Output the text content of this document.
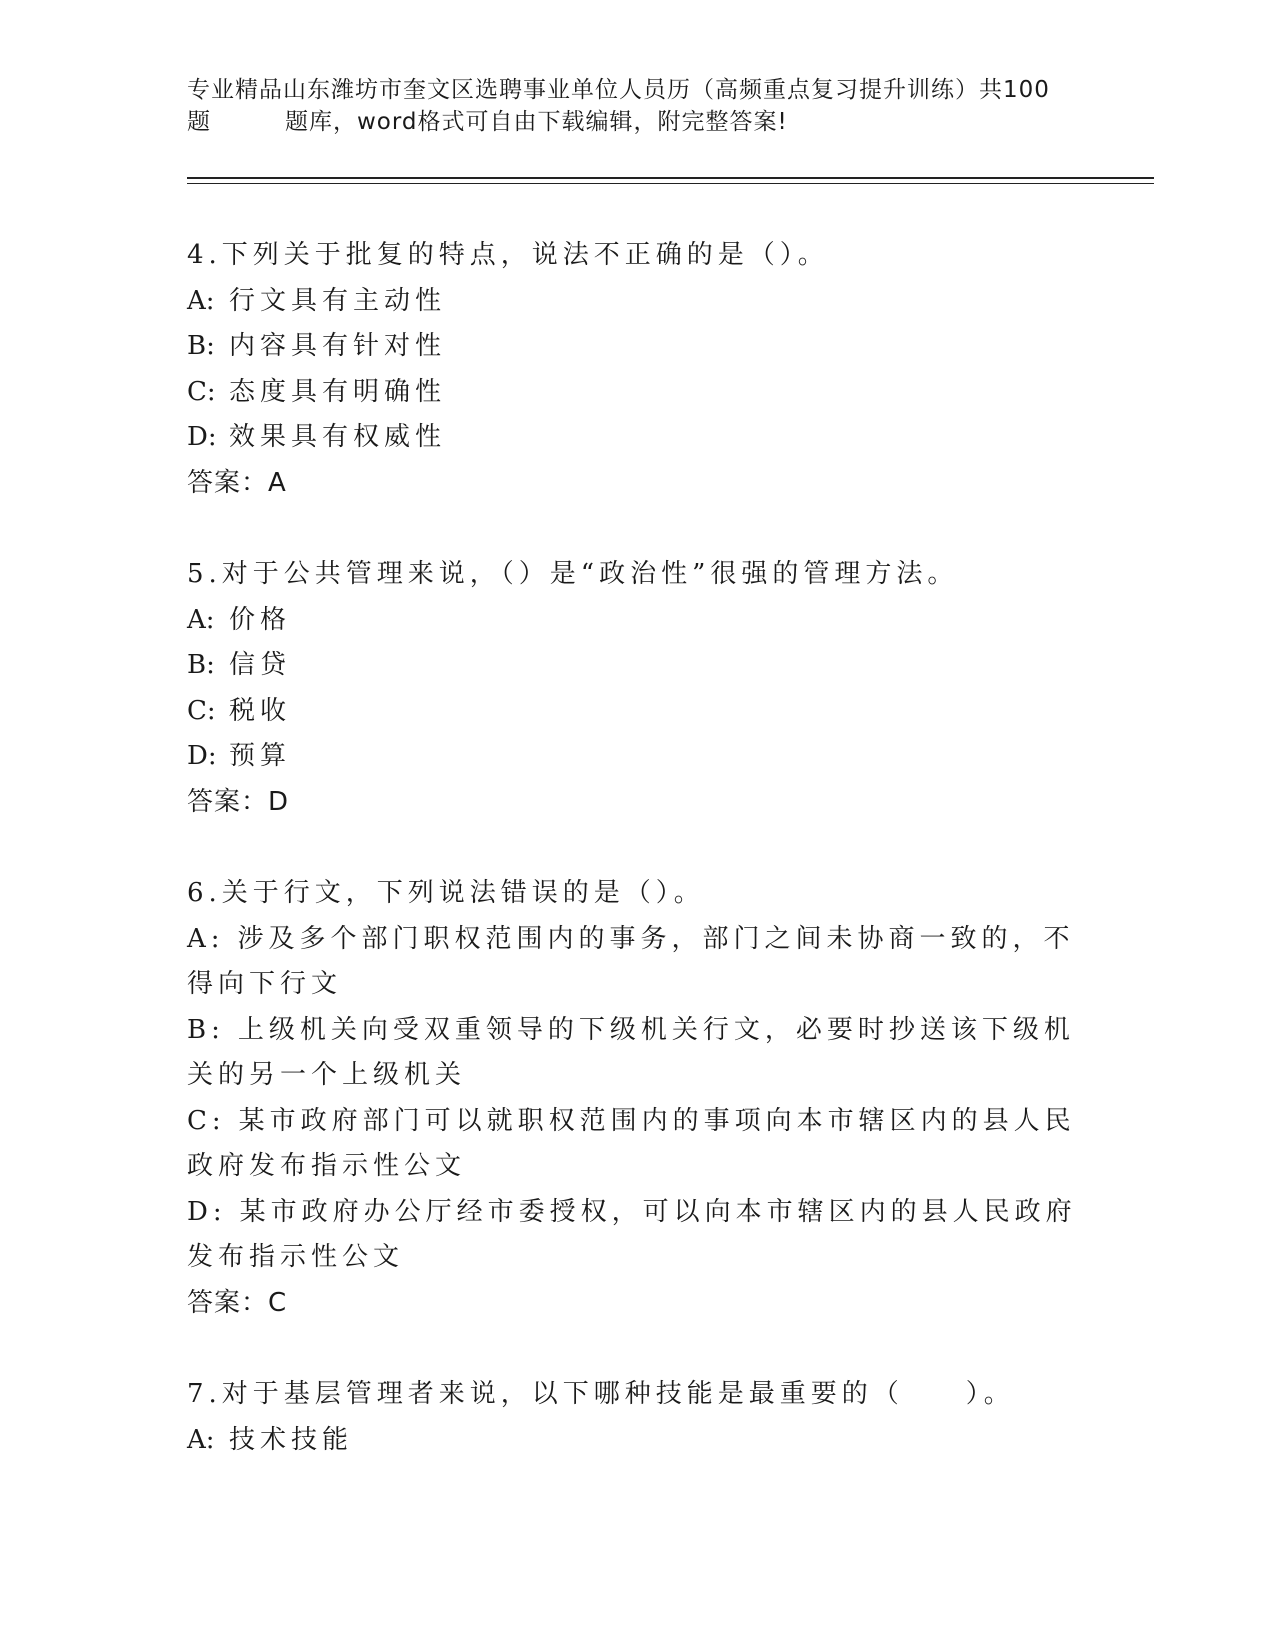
专业精品山东潍坊市奎文区选聘事业单位人员历（高频重点复习提升训练）共100
题	题库，word格式可自由下载编辑，附完整答案!
4.下列关于批复的特点，说法不正确的是（）。
A: 行文具有主动性
B: 内容具有针对性
C: 态度具有明确性
D: 效果具有权威性
答案：A
5.对于公共管理来说，（）是“政治性”很强的管理方法。
A: 价格
B: 信贷
C: 税收
D: 预算
答案：D
6.关于行文，下列说法错误的是（）。
A:  涉及多个部门职权范围内的事务，部门之间未协商一致的，不得向下行文
B:  上级机关向受双重领导的下级机关行文，必要时抄送该下级机关的另一个上级机关
C:  某市政府部门可以就职权范围内的事项向本市辖区内的县人民政府发布指示性公文
D:  某市政府办公厅经市委授权，可以向本市辖区内的县人民政府发布指示性公文
答案：C
7.对于基层管理者来说，以下哪种技能是最重要的（　　）。
A: 技术技能
